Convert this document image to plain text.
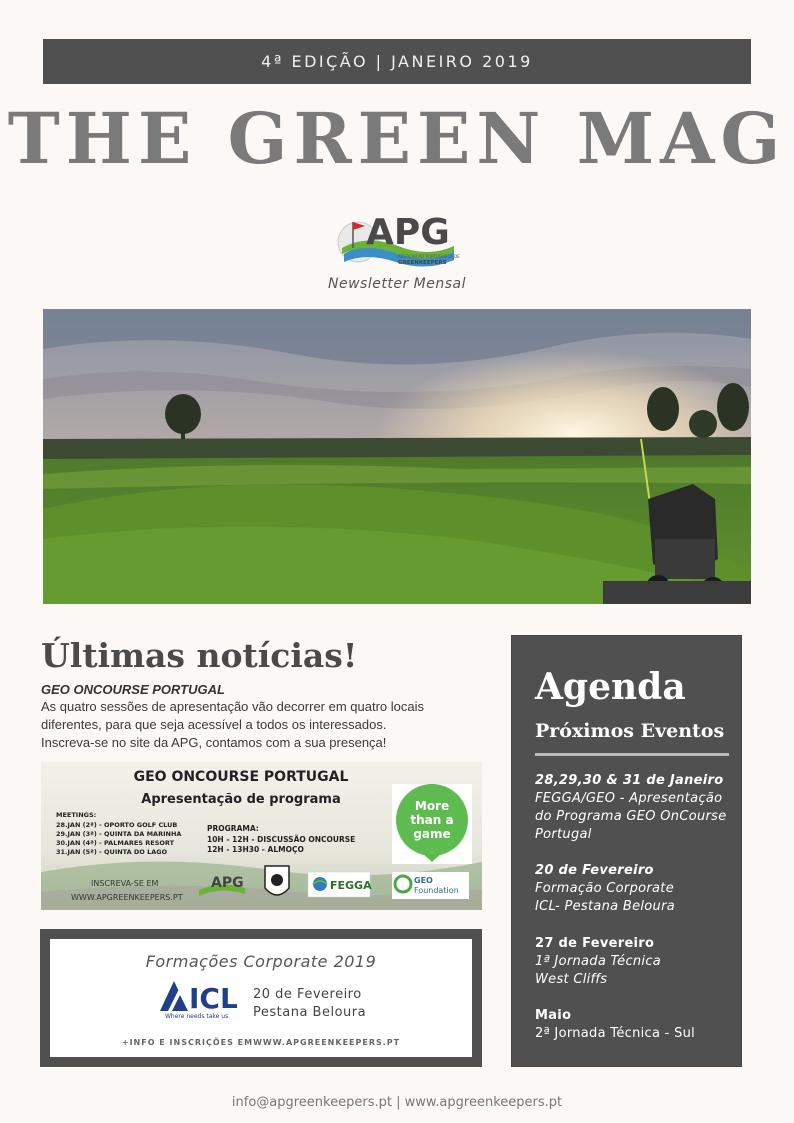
4ª EDIÇÃO | JANEIRO 2019
THE GREEN MAG
APG
ASSOCIAÇÃO PORTUGUESA DE
GREENKEEPERS
Newsletter Mensal
Últimas notícias!
GEO ONCOURSE PORTUGAL
As quatro sessões de apresentação vão decorrer em quatro locais
diferentes, para que seja acessível a todos os interessados.
Inscreva-se no site da APG, contamos com a sua presença!
GEO ONCOURSE PORTUGAL
Apresentação de programa
MEETINGS:
28.JAN (2ª) - OPORTO GOLF CLUB
29.JAN (3ª) - QUINTA DA MARINHA
30.JAN (4ª) - PALMARES RESORT
31.JAN (5ª) - QUINTA DO LAGO
PROGRAMA:
10H - 12H - DISCUSSÃO ONCOURSE
12H - 13H30 - ALMOÇO
INSCREVA-SE EM
WWW.APGREENKEEPERS.PT
APG	FEGGA
More
than a
game
GEO
Foundation
Formações Corporate 2019
ICL
Where needs take us
20 de Fevereiro
Pestana Beloura
+INFO E INSCRIÇÕES EMWWW.APGREENKEEPERS.PT
Agenda
Próximos Eventos
28,29,30 & 31 de Janeiro
FEGGA/GEO - Apresentação
do Programa GEO OnCourse
Portugal
20 de Fevereiro
Formação Corporate
ICL- Pestana Beloura
27 de Fevereiro
1ª Jornada Técnica
West Cliffs
Maio
2ª Jornada Técnica - Sul
info@apgreenkeepers.pt | www.apgreenkeepers.pt
